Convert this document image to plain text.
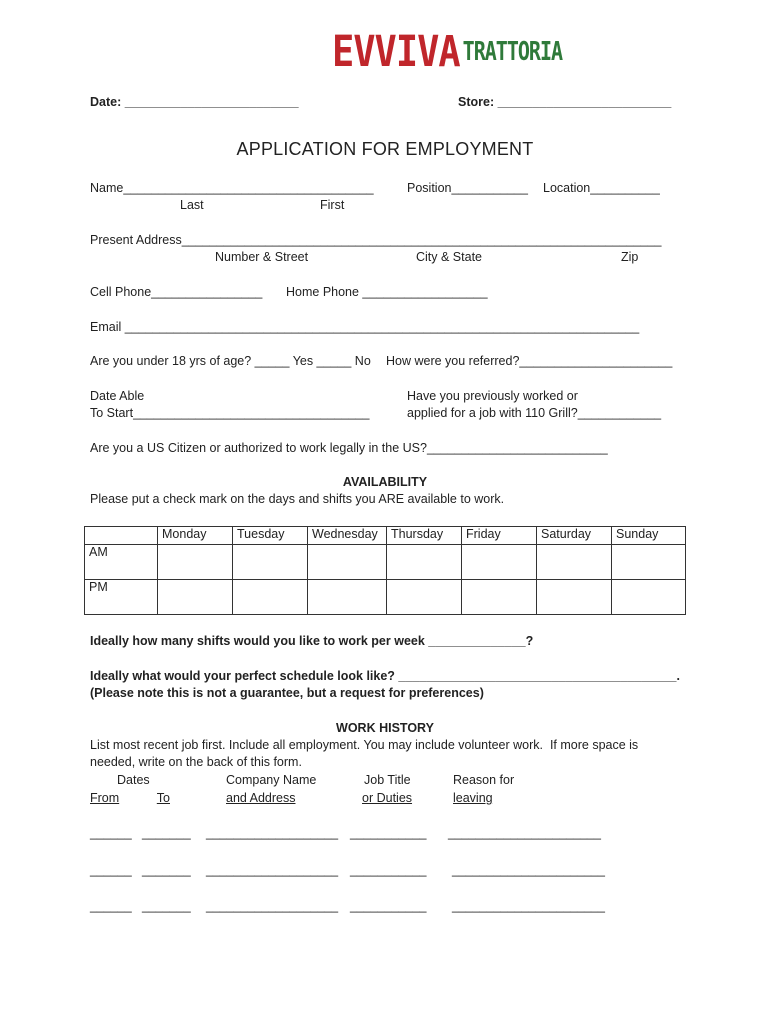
EVVIVA TRATTORIA
Date: _________________________	Store: _________________________
APPLICATION FOR EMPLOYMENT
Name____________________________________	Position___________ Location__________
Last	First
Present Address_____________________________________________________________________
Number & Street	City & State	Zip
Cell Phone________________ Home Phone __________________
Email __________________________________________________________________________
Are you under 18 yrs of age? _____ Yes _____ No How were you referred?______________________
Date Able
To Start__________________________________
Have you previously worked or
applied for a job with 110 Grill?____________
Are you a US Citizen or authorized to work legally in the US?__________________________
AVAILABILITY
Please put a check mark on the days and shifts you ARE available to work.
	Monday	Tuesday	Wednesday	Thursday	Friday	Saturday	Sunday
AM							
PM							
Ideally how many shifts would you like to work per week ______________?
Ideally what would your perfect schedule look like? ________________________________________.
(Please note this is not a guarantee, but a request for preferences)
WORK HISTORY
List most recent job first. Include all employment. You may include volunteer work.  If more space is
needed, write on the back of this form.
Dates	Company Name	Job Title	Reason for
From	To	and Address	or Duties	leaving
______ _______ ___________________ ___________ ______________________
______ _______ ___________________ ___________ ______________________
______ _______ ___________________ ___________ ______________________
